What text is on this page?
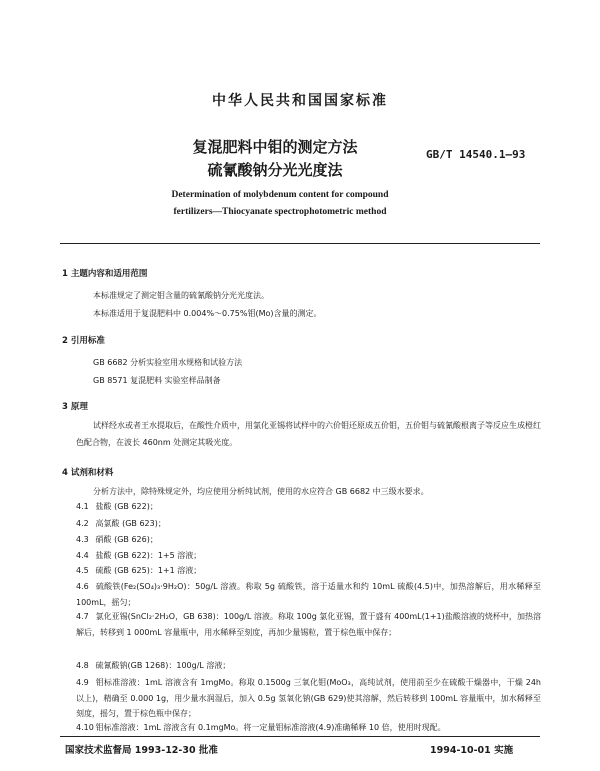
中华人民共和国国家标准
复混肥料中钼的测定方法
硫氰酸钠分光光度法
GB/T 14540.1—93
Determination of molybdenum content for compound
fertilizers—Thiocyanate spectrophotometric method
1 主题内容和适用范围
本标准规定了测定钼含量的硫氰酸钠分光光度法。
本标准适用于复混肥料中 0.004%～0.75%钼(Mo)含量的测定。
2 引用标准
GB 6682 分析实验室用水规格和试验方法
GB 8571 复混肥料 实验室样品制备
3 原理
试样经水或者王水提取后，在酸性介质中，用氯化亚锡将试样中的六价钼还原成五价钼，五价钼与硫氰酸根离子等反应生成橙红色配合物，在波长 460nm 处测定其吸光度。
4 试剂和材料
分析方法中，除特殊规定外，均应使用分析纯试剂，使用的水应符合 GB 6682 中三级水要求。
4.1 盐酸 (GB 622)；
4.2 高氯酸 (GB 623)；
4.3 硝酸 (GB 626)；
4.4 盐酸 (GB 622)：1+5 溶液；
4.5 硫酸 (GB 625)：1+1 溶液；
4.6 硫酸铁(Fe₂(SO₄)₃·9H₂O)：50g/L 溶液。称取 5g 硫酸铁，溶于适量水和约 10mL 硫酸(4.5)中，加热溶解后，用水稀释至 100mL，摇匀；
4.7 氯化亚锡(SnCl₂·2H₂O，GB 638)：100g/L 溶液。称取 100g 氯化亚锡，置于盛有 400mL(1+1)盐酸溶液的烧杯中，加热溶解后，转移到 1 000mL 容量瓶中，用水稀释至刻度，再加少量锡粒，置于棕色瓶中保存；
4.8 硫氰酸钠(GB 1268)：100g/L 溶液；
4.9 钼标准溶液：1mL 溶液含有 1mgMo。称取 0.1500g 三氧化钼(MoO₃，高纯试剂，使用前至少在硫酸干燥器中，干燥 24h 以上)，精确至 0.000 1g，用少量水润湿后，加入 0.5g 氢氧化钠(GB 629)使其溶解，然后转移到 100mL 容量瓶中，加水稀释至刻度，摇匀，置于棕色瓶中保存；
4.10 钼标准溶液：1mL 溶液含有 0.1mgMo。将一定量钼标准溶液(4.9)准确稀释 10 倍，使用时现配。
国家技术监督局 1993-12-30 批准	1994-10-01 实施
